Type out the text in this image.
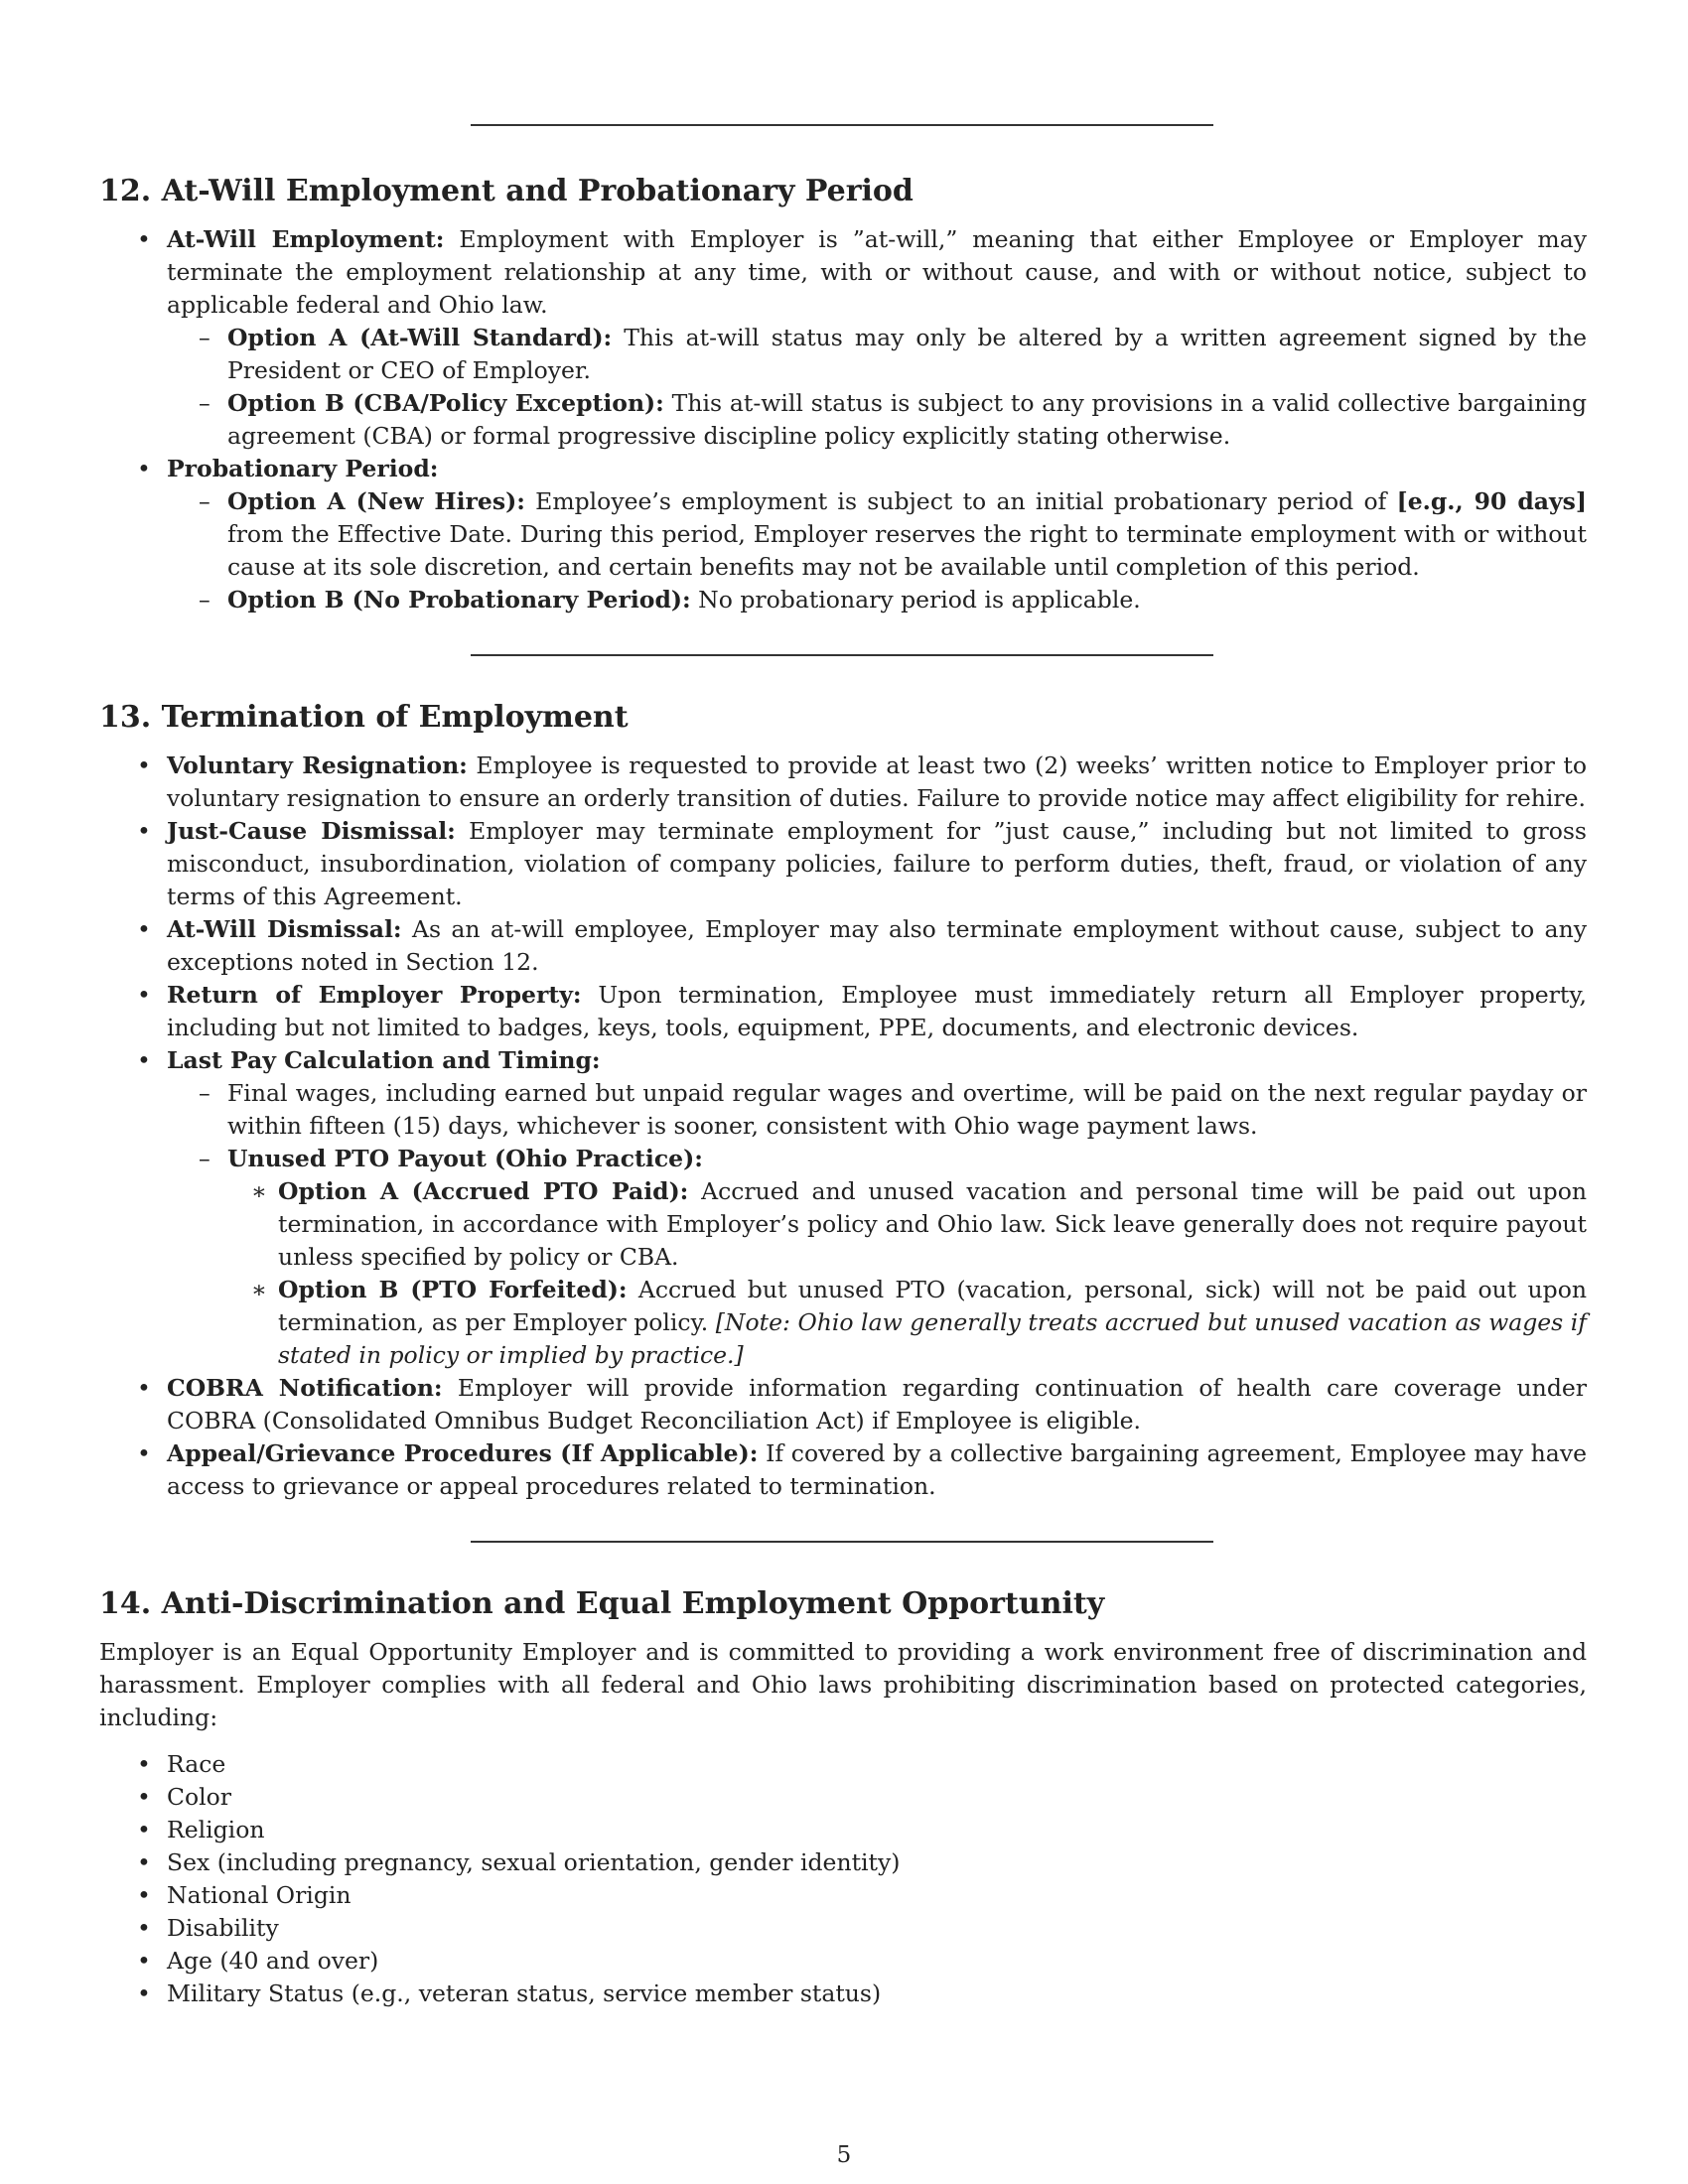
12. At-Will Employment and Probationary Period
• At-Will Employment: Employment with Employer is ”at-will,” meaning that either Employee or Employer may terminate the employment relationship at any time, with or without cause, and with or without notice, subject to applicable federal and Ohio law.
– Option A (At-Will Standard): This at-will status may only be altered by a written agreement signed by the President or CEO of Employer.
– Option B (CBA/Policy Exception): This at-will status is subject to any provisions in a valid collective bargaining agreement (CBA) or formal progressive discipline policy explicitly stating otherwise.
• Probationary Period:
– Option A (New Hires): Employee’s employment is subject to an initial probationary period of [e.g., 90 days] from the Effective Date. During this period, Employer reserves the right to terminate employment with or without cause at its sole discretion, and certain benefits may not be available until completion of this period.
– Option B (No Probationary Period): No probationary period is applicable.
13. Termination of Employment
• Voluntary Resignation: Employee is requested to provide at least two (2) weeks’ written notice to Employer prior to voluntary resignation to ensure an orderly transition of duties. Failure to provide notice may affect eligibility for rehire.
• Just-Cause Dismissal: Employer may terminate employment for ”just cause,” including but not limited to gross misconduct, insubordination, violation of company policies, failure to perform duties, theft, fraud, or violation of any terms of this Agreement.
• At-Will Dismissal: As an at-will employee, Employer may also terminate employment without cause, subject to any exceptions noted in Section 12.
• Return of Employer Property: Upon termination, Employee must immediately return all Employer property, including but not limited to badges, keys, tools, equipment, PPE, documents, and electronic devices.
• Last Pay Calculation and Timing:
– Final wages, including earned but unpaid regular wages and overtime, will be paid on the next regular payday or within fifteen (15) days, whichever is sooner, consistent with Ohio wage payment laws.
– Unused PTO Payout (Ohio Practice):
∗ Option A (Accrued PTO Paid): Accrued and unused vacation and personal time will be paid out upon termination, in accordance with Employer’s policy and Ohio law. Sick leave generally does not require payout unless specified by policy or CBA.
∗ Option B (PTO Forfeited): Accrued but unused PTO (vacation, personal, sick) will not be paid out upon termination, as per Employer policy. [Note: Ohio law generally treats accrued but unused vacation as wages if stated in policy or implied by practice.]
• COBRA Notification: Employer will provide information regarding continuation of health care coverage under COBRA (Consolidated Omnibus Budget Reconciliation Act) if Employee is eligible.
• Appeal/Grievance Procedures (If Applicable): If covered by a collective bargaining agreement, Employee may have access to grievance or appeal procedures related to termination.
14. Anti-Discrimination and Equal Employment Opportunity

Employer is an Equal Opportunity Employer and is committed to providing a work environment free of discrimination and harassment. Employer complies with all federal and Ohio laws prohibiting discrimination based on protected categories, including:

• Race
• Color
• Religion
• Sex (including pregnancy, sexual orientation, gender identity)
• National Origin
• Disability
• Age (40 and over)
• Military Status (e.g., veteran status, service member status)
5
